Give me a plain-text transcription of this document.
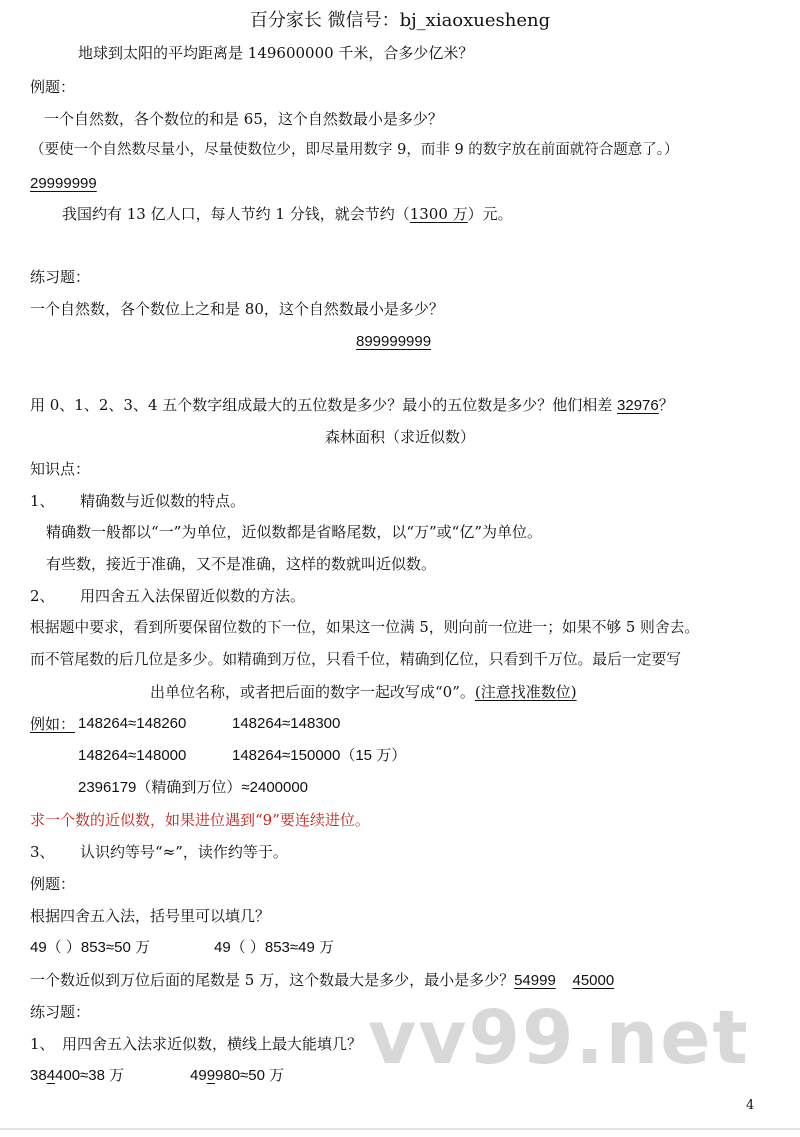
百分家长 微信号：bj_xiaoxuesheng
地球到太阳的平均距离是 149600000 千米，合多少亿米？
例题：
一个自然数，各个数位的和是 65，这个自然数最小是多少？
（要使一个自然数尽量小，尽量使数位少，即尽量用数字 9，而非 9 的数字放在前面就符合题意了。）
29999999
我国约有 13 亿人口，每人节约 1 分钱，就会节约（1300 万）元。
练习题：
一个自然数，各个数位上之和是 80，这个自然数最小是多少？
899999999
用 0、1、2、3、4 五个数字组成最大的五位数是多少？最小的五位数是多少？他们相差 32976？
森林面积（求近似数）
知识点：
1、 精确数与近似数的特点。
精确数一般都以“一”为单位，近似数都是省略尾数，以“万”或“亿”为单位。
有些数，接近于准确，又不是准确，这样的数就叫近似数。
2、 用四舍五入法保留近似数的方法。
根据题中要求，看到所要保留位数的下一位，如果这一位满 5，则向前一位进一；如果不够 5 则舍去。
而不管尾数的后几位是多少。如精确到万位，只看千位，精确到亿位，只看到千万位。最后一定要写
出单位名称，或者把后面的数字一起改写成“0”。(注意找准数位)
例如： 148264≈148260	148264≈148300
148264≈148000	148264≈150000（15 万）
2396179（精确到万位）≈2400000
求一个数的近似数，如果进位遇到“9”要连续进位。
3、 认识约等号“≈”，读作约等于。
例题：
根据四舍五入法，括号里可以填几？
49（ ）853≈50 万	49（ ）853≈49 万
一个数近似到万位后面的尾数是 5 万，这个数最大是多少，最小是多少？54999 45000
练习题：
1、 用四舍五入法求近似数，横线上最大能填几？
384400≈38 万	499980≈50 万 vv99.net
4
